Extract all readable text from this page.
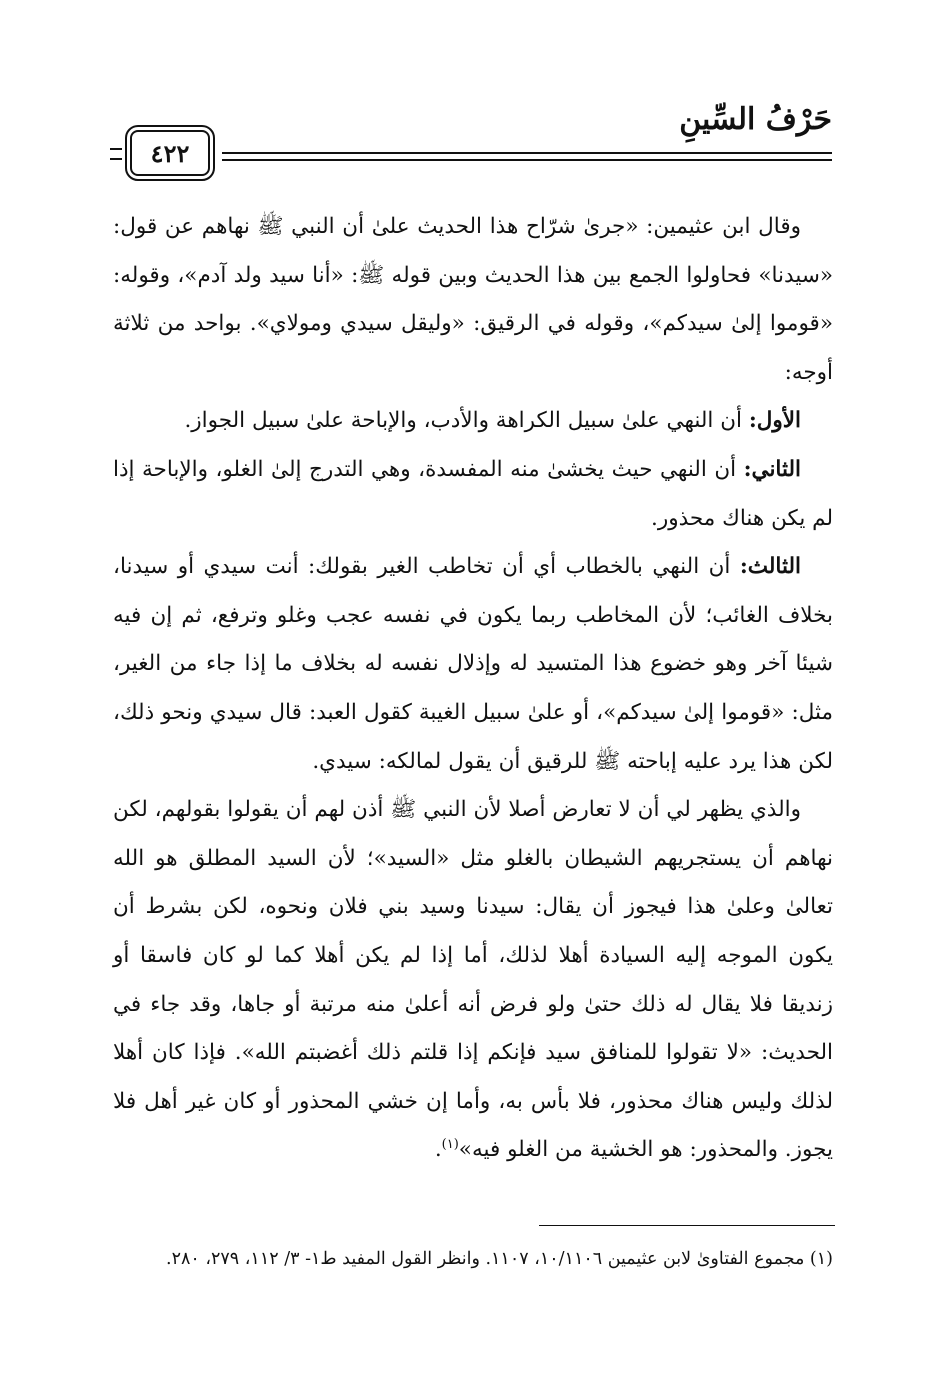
حَرْفُ السِّينِ
٤٢٢

وقال ابن عثيمين: «جرىٰ شرّاح هذا الحديث علىٰ أن النبي ﷺ نهاهم عن قول: «سيدنا» فحاولوا الجمع بين هذا الحديث وبين قوله ﷺ: «أنا سيد ولد آدم»، وقوله: «قوموا إلىٰ سيدكم»، وقوله في الرقيق: «وليقل سيدي ومولاي». بواحد من ثلاثة أوجه:

الأول: أن النهي علىٰ سبيل الكراهة والأدب، والإباحة علىٰ سبيل الجواز.

الثاني: أن النهي حيث يخشىٰ منه المفسدة، وهي التدرج إلىٰ الغلو، والإباحة إذا لم يكن هناك محذور.

الثالث: أن النهي بالخطاب أي أن تخاطب الغير بقولك: أنت سيدي أو سيدنا، بخلاف الغائب؛ لأن المخاطب ربما يكون في نفسه عجب وغلو وترفع، ثم إن فيه شيئا آخر وهو خضوع هذا المتسيد له وإذلال نفسه له بخلاف ما إذا جاء من الغير، مثل: «قوموا إلىٰ سيدكم»، أو علىٰ سبيل الغيبة كقول العبد: قال سيدي ونحو ذلك، لكن هذا يرد عليه إباحته ﷺ للرقيق أن يقول لمالكه: سيدي.

والذي يظهر لي أن لا تعارض أصلا لأن النبي ﷺ أذن لهم أن يقولوا بقولهم، لكن نهاهم أن يستجريهم الشيطان بالغلو مثل «السيد»؛ لأن السيد المطلق هو الله تعالىٰ وعلىٰ هذا فيجوز أن يقال: سيدنا وسيد بني فلان ونحوه، لكن بشرط أن يكون الموجه إليه السيادة أهلا لذلك، أما إذا لم يكن أهلا كما لو كان فاسقا أو زنديقا فلا يقال له ذلك حتىٰ ولو فرض أنه أعلىٰ منه مرتبة أو جاها، وقد جاء في الحديث: «لا تقولوا للمنافق سيد فإنكم إذا قلتم ذلك أغضبتم الله». فإذا كان أهلا لذلك وليس هناك محذور، فلا بأس به، وأما إن خشي المحذور أو كان غير أهل فلا يجوز. والمحذور: هو الخشية من الغلو فيه»$^{(١)}$.

(١) مجموع الفتاوىٰ لابن عثيمين ١٠/١١٠٦، ١١٠٧. وانظر القول المفيد ط١- ٣/ ١١٢، ٢٧٩، ٢٨٠.
